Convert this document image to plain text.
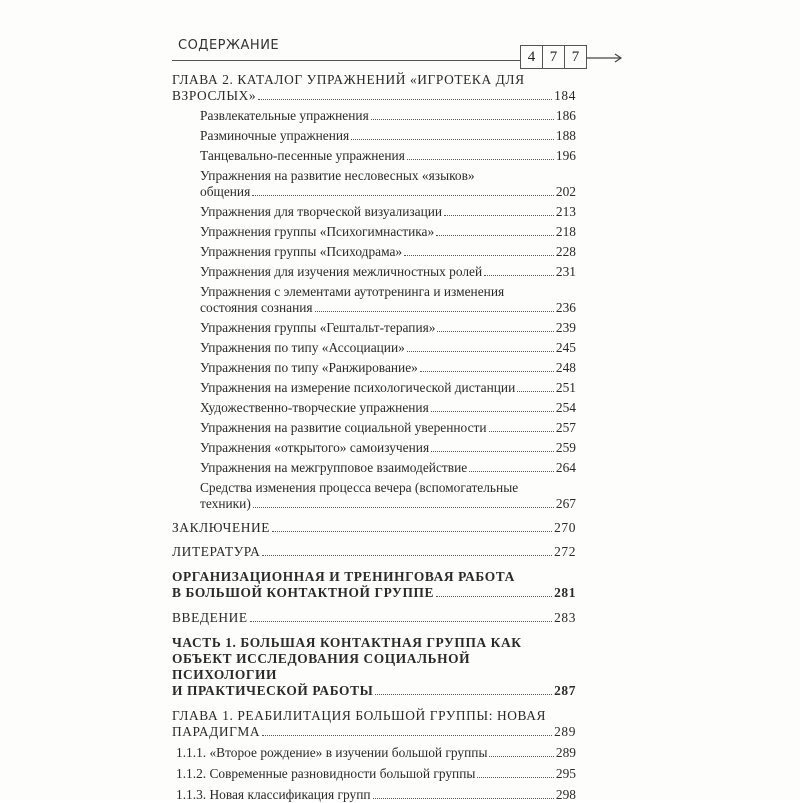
СОДЕРЖАНИЕ
4 7 7
ГЛАВА 2. КАТАЛОГ УПРАЖНЕНИЙ «ИГРОТЕКА ДЛЯ
ВЗРОСЛЫХ»	184
Развлекательные упражнения	186
Разминочные упражнения	188
Танцевально-песенные упражнения	196
Упражнения на развитие несловесных «языков»
общения	202
Упражнения для творческой визуализации	213
Упражнения группы «Психогимнастика»	218
Упражнения группы «Психодрама»	228
Упражнения для изучения межличностных ролей	231
Упражнения с элементами аутотренинга и изменения
состояния сознания	236
Упражнения группы «Гештальт-терапия»	239
Упражнения по типу «Ассоциации»	245
Упражнения по типу «Ранжирование»	248
Упражнения на измерение психологической дистанции	251
Художественно-творческие упражнения	254
Упражнения на развитие социальной уверенности	257
Упражнения «открытого» самоизучения	259
Упражнения на межгрупповое взаимодействие	264
Средства изменения процесса вечера (вспомогательные
техники)	267
ЗАКЛЮЧЕНИЕ	270
ЛИТЕРАТУРА	272
ОРГАНИЗАЦИОННАЯ И ТРЕНИНГОВАЯ РАБОТА
В БОЛЬШОЙ КОНТАКТНОЙ ГРУППЕ	281
ВВЕДЕНИЕ	283
ЧАСТЬ 1. БОЛЬШАЯ КОНТАКТНАЯ ГРУППА КАК
ОБЪЕКТ ИССЛЕДОВАНИЯ СОЦИАЛЬНОЙ ПСИХОЛОГИИ
И ПРАКТИЧЕСКОЙ РАБОТЫ	287
ГЛАВА 1. РЕАБИЛИТАЦИЯ БОЛЬШОЙ ГРУППЫ: НОВАЯ
ПАРАДИГМА	289
1.1.1. «Второе рождение» в изучении большой группы	289
1.1.2. Современные разновидности большой группы	295
1.1.3. Новая классификация групп	298
